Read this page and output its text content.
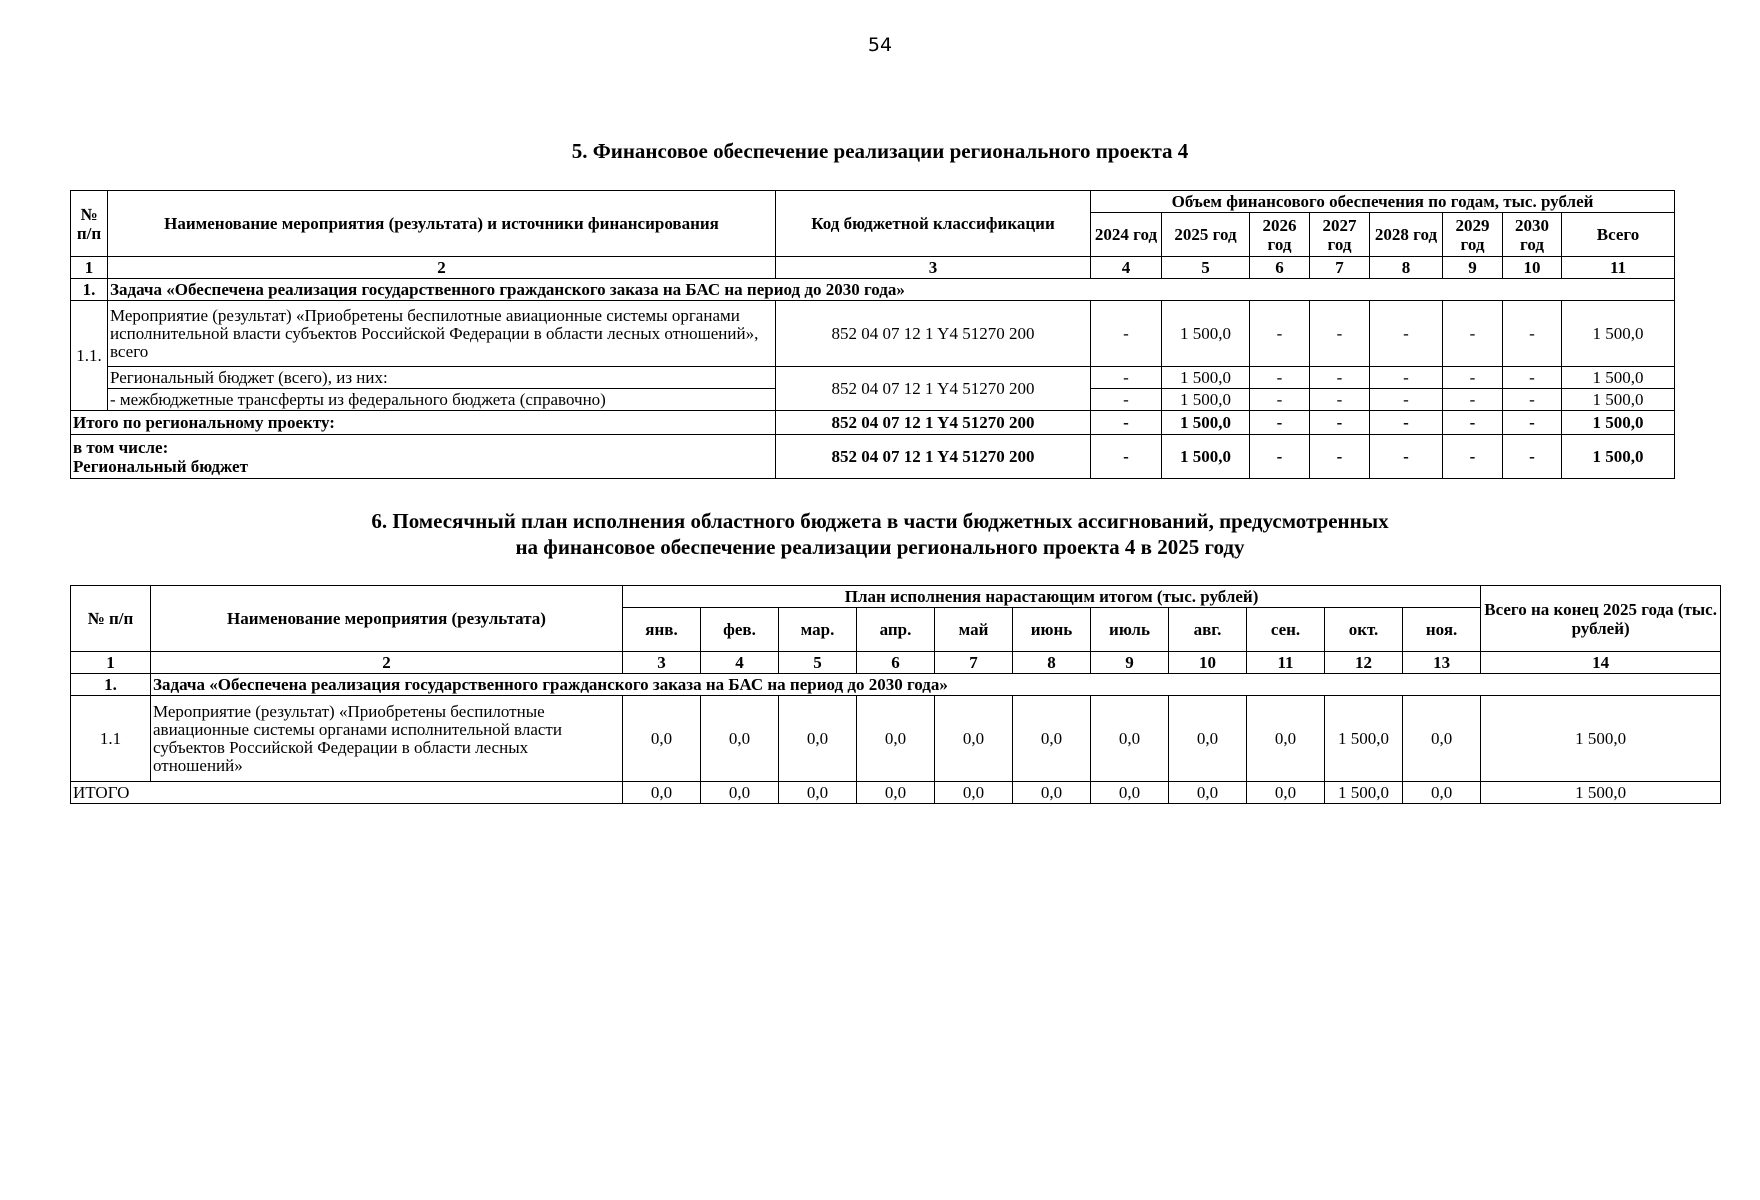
54
5. Финансовое обеспечение реализации регионального проекта 4
№ п/п	Наименование мероприятия (результата) и источники финансирования	Код бюджетной классификации	Объем финансового обеспечения по годам, тыс. рублей							
			2024 год	2025 год	2026 год	2027 год	2028 год	2029 год	2030 год	Всего
1	2	3	4	5	6	7	8	9	10	11
1.	Задача «Обеспечена реализация государственного гражданского заказа на БАС на период до 2030 года»									
1.1.	Мероприятие (результат) «Приобретены беспилотные авиационные системы органами исполнительной власти субъектов Российской Федерации в области лесных отношений», всего	852 04 07 12 1 Y4 51270 200	-	1 500,0	-	-	-	-	-	1 500,0
	Региональный бюджет (всего), из них:	852 04 07 12 1 Y4 51270 200	-	1 500,0	-	-	-	-	-	1 500,0
	- межбюджетные трансферты из федерального бюджета (справочно)		-	1 500,0	-	-	-	-	-	1 500,0
Итого по региональному проекту:		852 04 07 12 1 Y4 51270 200	-	1 500,0	-	-	-	-	-	1 500,0

в том числе:
Региональный бюджет		852 04 07 12 1 Y4 51270 200	-	1 500,0	-	-	-	-	-	1 500,0
6. Помесячный план исполнения областного бюджета в части бюджетных ассигнований, предусмотренных
на финансовое обеспечение реализации регионального проекта 4 в 2025 году
№ п/п	Наименование мероприятия (результата)	План исполнения нарастающим итогом (тыс. рублей)											Всего на конец 2025 года (тыс. рублей)
		янв.	фев.	мар.	апр.	май	июнь	июль	авг.	сен.	окт.	ноя.	
1	2	3	4	5	6	7	8	9	10	11	12	13	14
1.	Задача «Обеспечена реализация государственного гражданского заказа на БАС на период до 2030 года»												
1.1	Мероприятие (результат) «Приобретены беспилотные авиационные системы органами исполнительной власти субъектов Российской Федерации в области лесных отношений»	0,0	0,0	0,0	0,0	0,0	0,0	0,0	0,0	0,0	1 500,0	0,0	1 500,0
ИТОГО		0,0	0,0	0,0	0,0	0,0	0,0	0,0	0,0	0,0	1 500,0	0,0	1 500,0
